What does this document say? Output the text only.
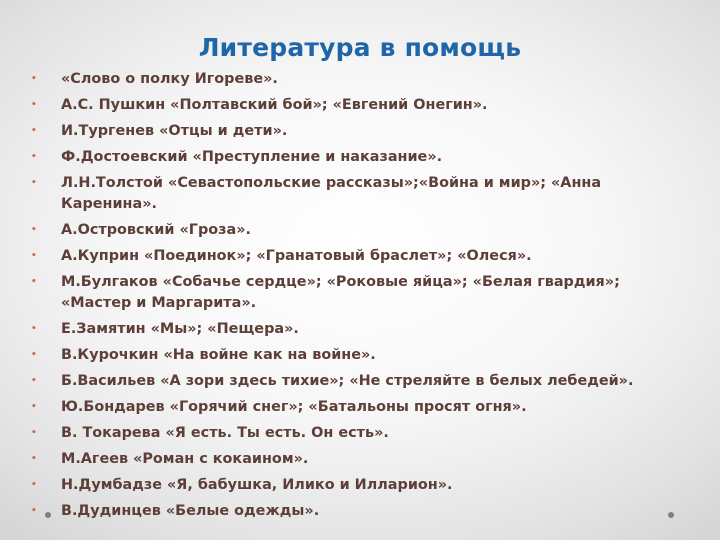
Литература в помощь
• «Слово о полку Игореве».
• А.С. Пушкин «Полтавский бой»; «Евгений Онегин».
• И.Тургенев «Отцы и дети».
• Ф.Достоевский «Преступление и наказание».
• Л.Н.Толстой «Севастопольские рассказы»;«Война и мир»; «Анна Каренина».
• А.Островский «Гроза».
• А.Куприн «Поединок»; «Гранатовый браслет»; «Олеся».
• М.Булгаков «Собачье сердце»; «Роковые яйца»; «Белая гвардия»; «Мастер и Маргарита».
• Е.Замятин «Мы»; «Пещера».
• В.Курочкин «На войне как на войне».
• Б.Васильев «А зори здесь тихие»; «Не стреляйте в белых лебедей».
• Ю.Бондарев «Горячий снег»; «Батальоны просят огня».
• В. Токарева «Я есть. Ты есть. Он есть».
• М.Агеев «Роман с кокаином».
• Н.Думбадзе «Я, бабушка, Илико и Илларион».
• В.Дудинцев «Белые одежды».
